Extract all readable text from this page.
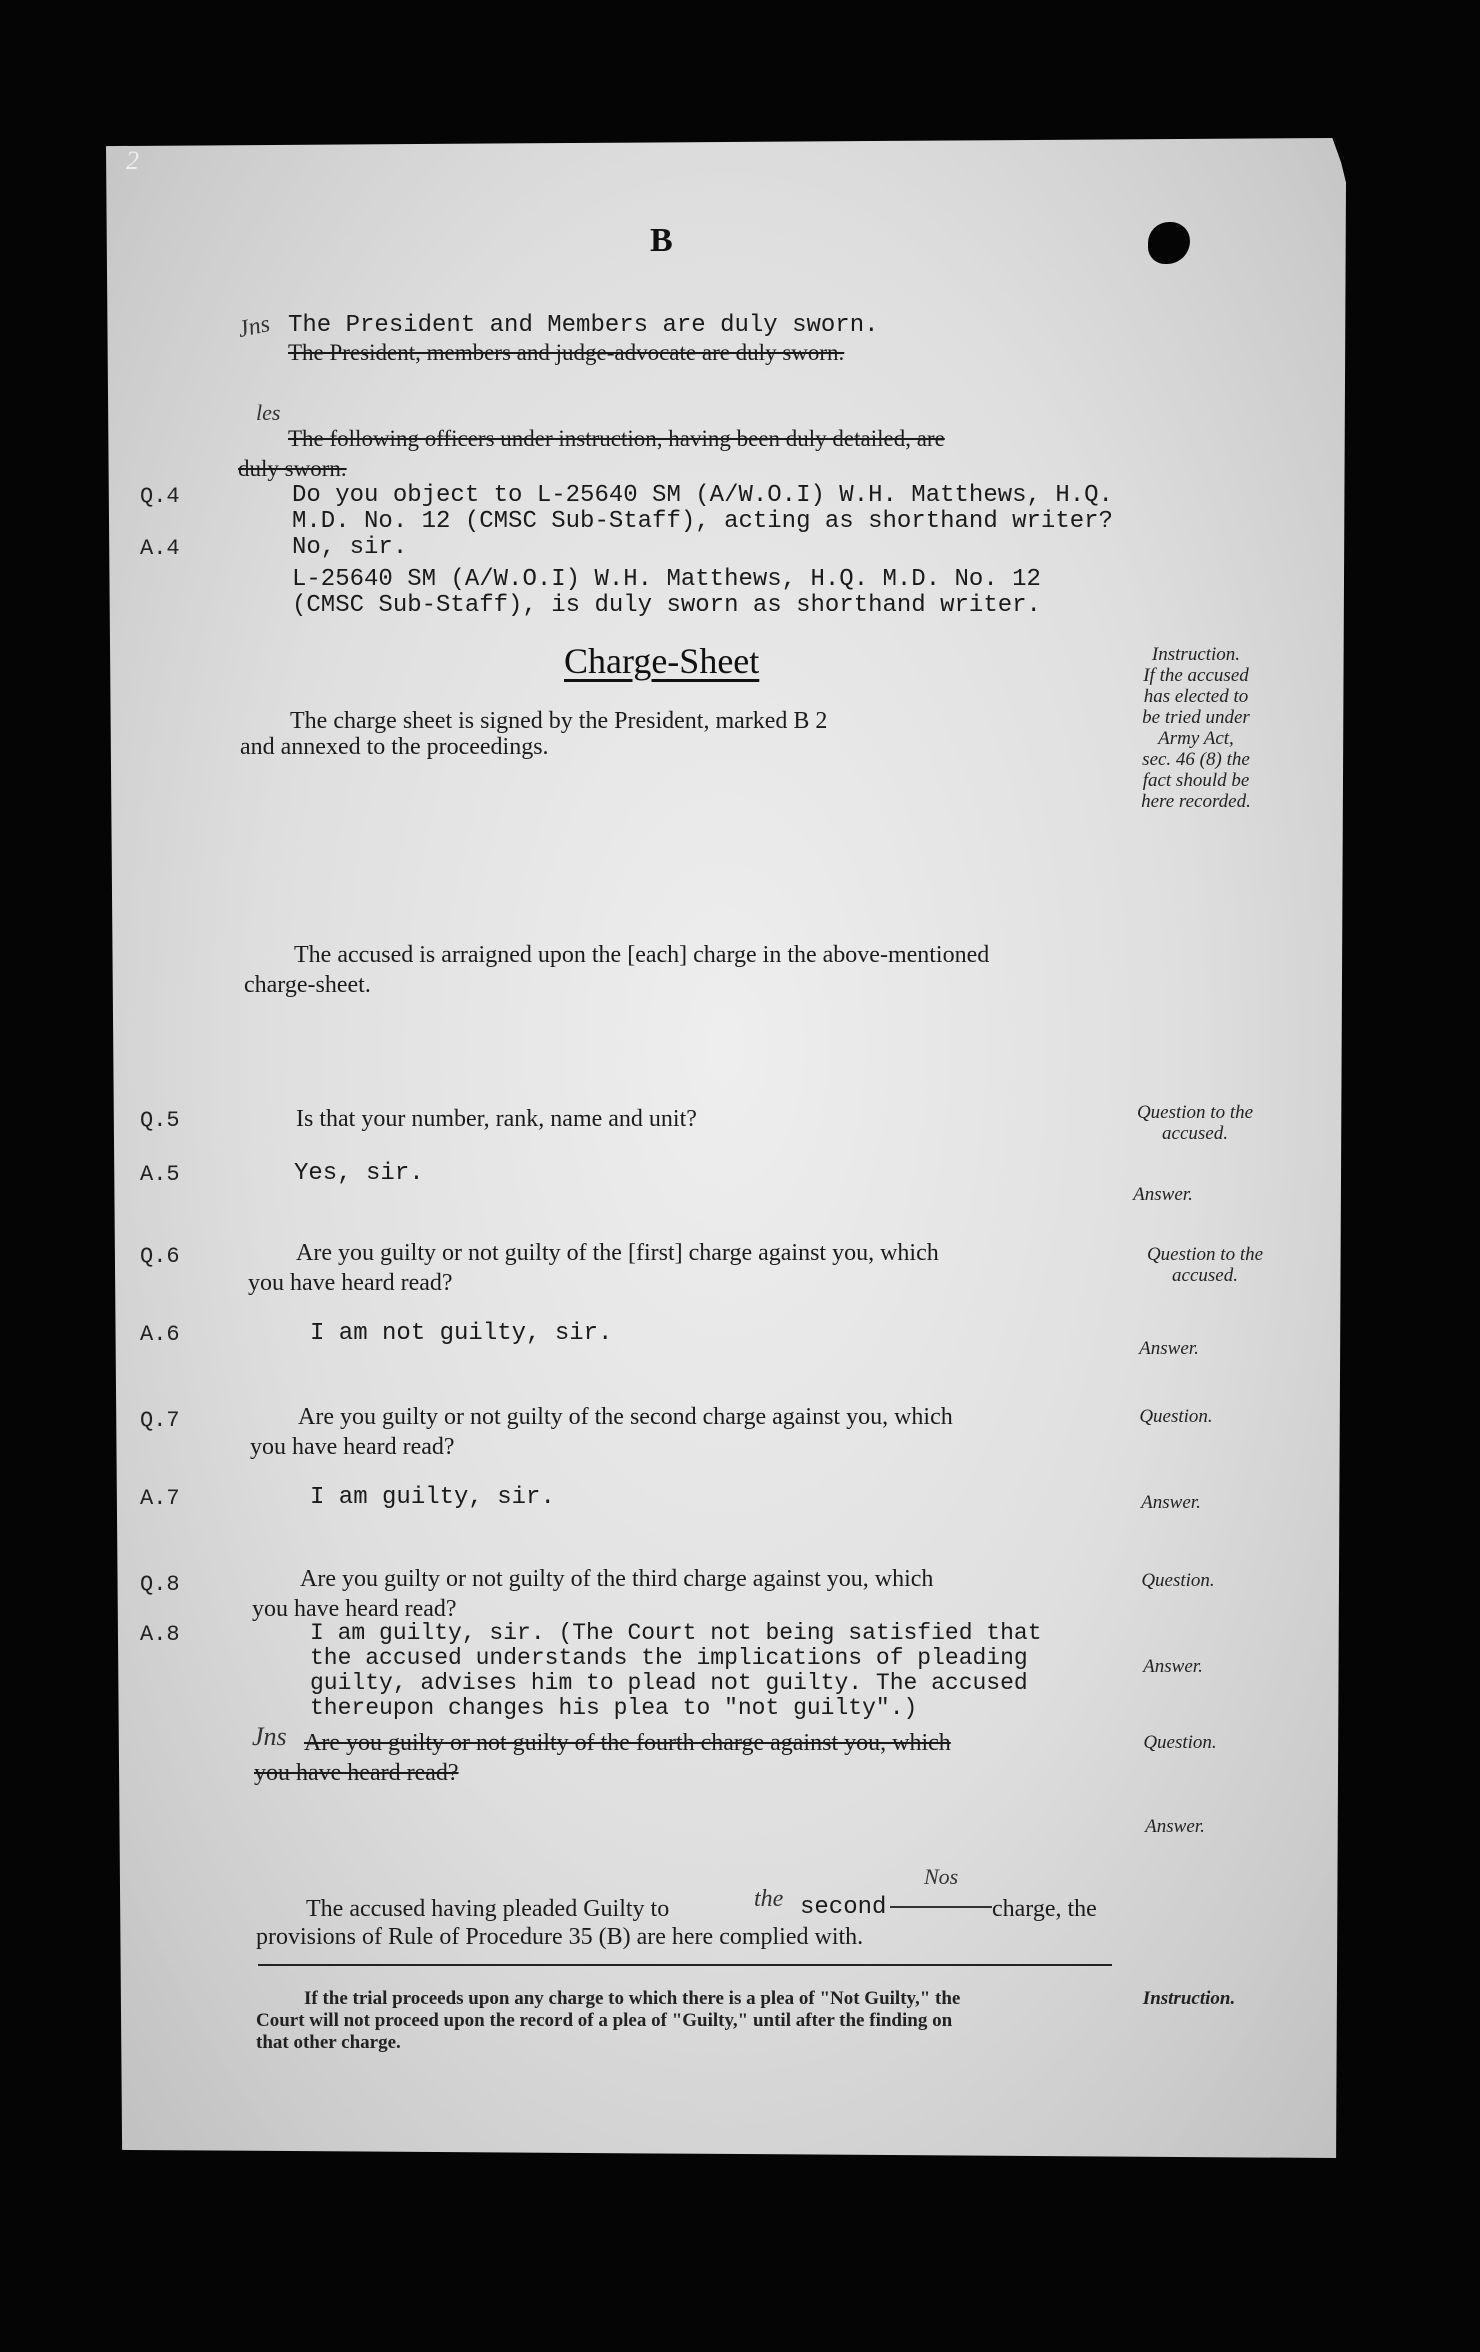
2
B
Jns The President and Members are duly sworn.
The President, members and judge-advocate are duly sworn.
les
The following officers under instruction, having been duly detailed, are
duly sworn.
Q.4	Do you object to L-25640 SM (A/W.O.I) W.H. Matthews, H.Q.
M.D. No. 12 (CMSC Sub-Staff), acting as shorthand writer?
A.4	No, sir.
L-25640 SM (A/W.O.I) W.H. Matthews, H.Q. M.D. No. 12
(CMSC Sub-Staff), is duly sworn as shorthand writer.
Charge-Sheet
The charge sheet is signed by the President, marked B 2
and annexed to the proceedings.
Instruction.
If the accused
has elected to
be tried under
Army Act,
sec. 46 (8) the
fact should be
here recorded.
The accused is arraigned upon the [each] charge in the above-mentioned
charge-sheet.
Q.5	Is that your number, rank, name and unit?	Question to the
accused.
A.5	Yes, sir.
Answer.
Q.6	Are you guilty or not guilty of the [first] charge against you, which
you have heard read?
Question to the
accused.
A.6	I am not guilty, sir.
Answer.
Q.7	Are you guilty or not guilty of the second charge against you, which
you have heard read?
Question.
A.7	I am guilty, sir.	Answer.
Q.8	Are you guilty or not guilty of the third charge against you, which
you have heard read?
Question.
A.8	I am guilty, sir. (The Court not being satisfied that
the accused understands the implications of pleading
guilty, advises him to plead not guilty. The accused
thereupon changes his plea to "not guilty".)
Answer.
Jns Are you guilty or not guilty of the fourth charge against you, which
you have heard read?
Question.
Answer.
The accused having pleaded Guilty to	the second
Nos
charge, the
provisions of Rule of Procedure 35 (B) are here complied with.
If the trial proceeds upon any charge to which there is a plea of "Not Guilty," the
Court will not proceed upon the record of a plea of "Guilty," until after the finding on
that other charge.
Instruction.
